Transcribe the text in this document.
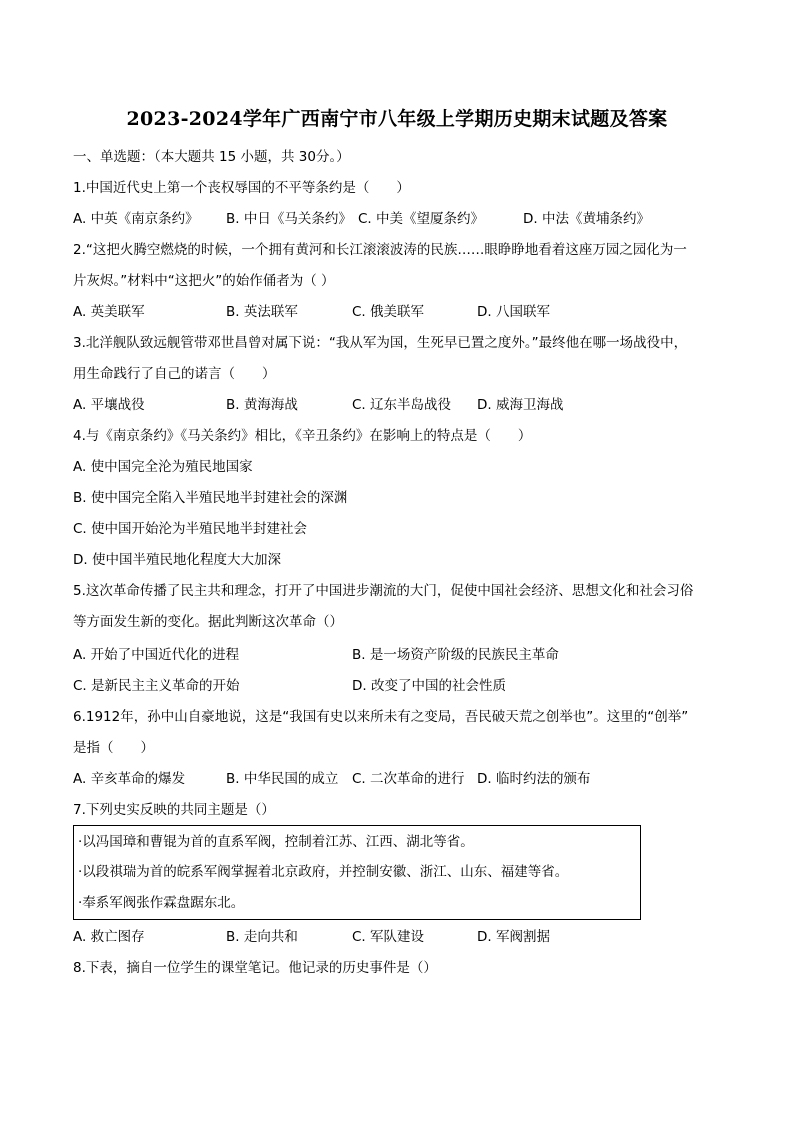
2023-2024学年广西南宁市八年级上学期历史期末试题及答案
一、单选题：（本大题共 15 小题，共 30分。）
1.中国近代史上第一个丧权辱国的不平等条约是（　　）
A. 中英《南京条约》 B. 中日《马关条约》 C. 中美《望厦条约》	D. 中法《黄埔条约》
2.“这把火腾空燃烧的时候，一个拥有黄河和长江滚滚波涛的民族……眼睁睁地看着这座万园之园化为一
片灰烬。”材料中“这把火”的始作俑者为（ ）
A. 英美联军	B. 英法联军	C. 俄美联军	D. 八国联军
3.北洋舰队致远舰管带邓世昌曾对属下说：“我从军为国，生死早已置之度外。”最终他在哪一场战役中，
用生命践行了自己的诺言（　　）
A. 平壤战役	B. 黄海海战	C. 辽东半岛战役 D. 威海卫海战
4.与《南京条约》《马关条约》相比，《辛丑条约》在影响上的特点是（　　）
A. 使中国完全沦为殖民地国家
B. 使中国完全陷入半殖民地半封建社会的深渊
C. 使中国开始沦为半殖民地半封建社会
D. 使中国半殖民地化程度大大加深
5.这次革命传播了民主共和理念，打开了中国进步潮流的大门，促使中国社会经济、思想文化和社会习俗
等方面发生新的变化。据此判断这次革命（）
A. 开始了中国近代化的进程	B. 是一场资产阶级的民族民主革命
C. 是新民主主义革命的开始	D. 改变了中国的社会性质
6.1912年，孙中山自豪地说，这是“我国有史以来所未有之变局，吾民破天荒之创举也”。这里的“创举”
是指（　　）
A. 辛亥革命的爆发	B. 中华民国的成立 C. 二次革命的进行 D. 临时约法的颁布
7.下列史实反映的共同主题是（）
·以冯国璋和曹锟为首的直系军阀，控制着江苏、江西、湖北等省。
·以段祺瑞为首的皖系军阀掌握着北京政府，并控制安徽、浙江、山东、福建等省。
·奉系军阀张作霖盘踞东北。
A. 救亡图存	B. 走向共和	C. 军队建设	D. 军阀割据
8.下表，摘自一位学生的课堂笔记。他记录的历史事件是（）
